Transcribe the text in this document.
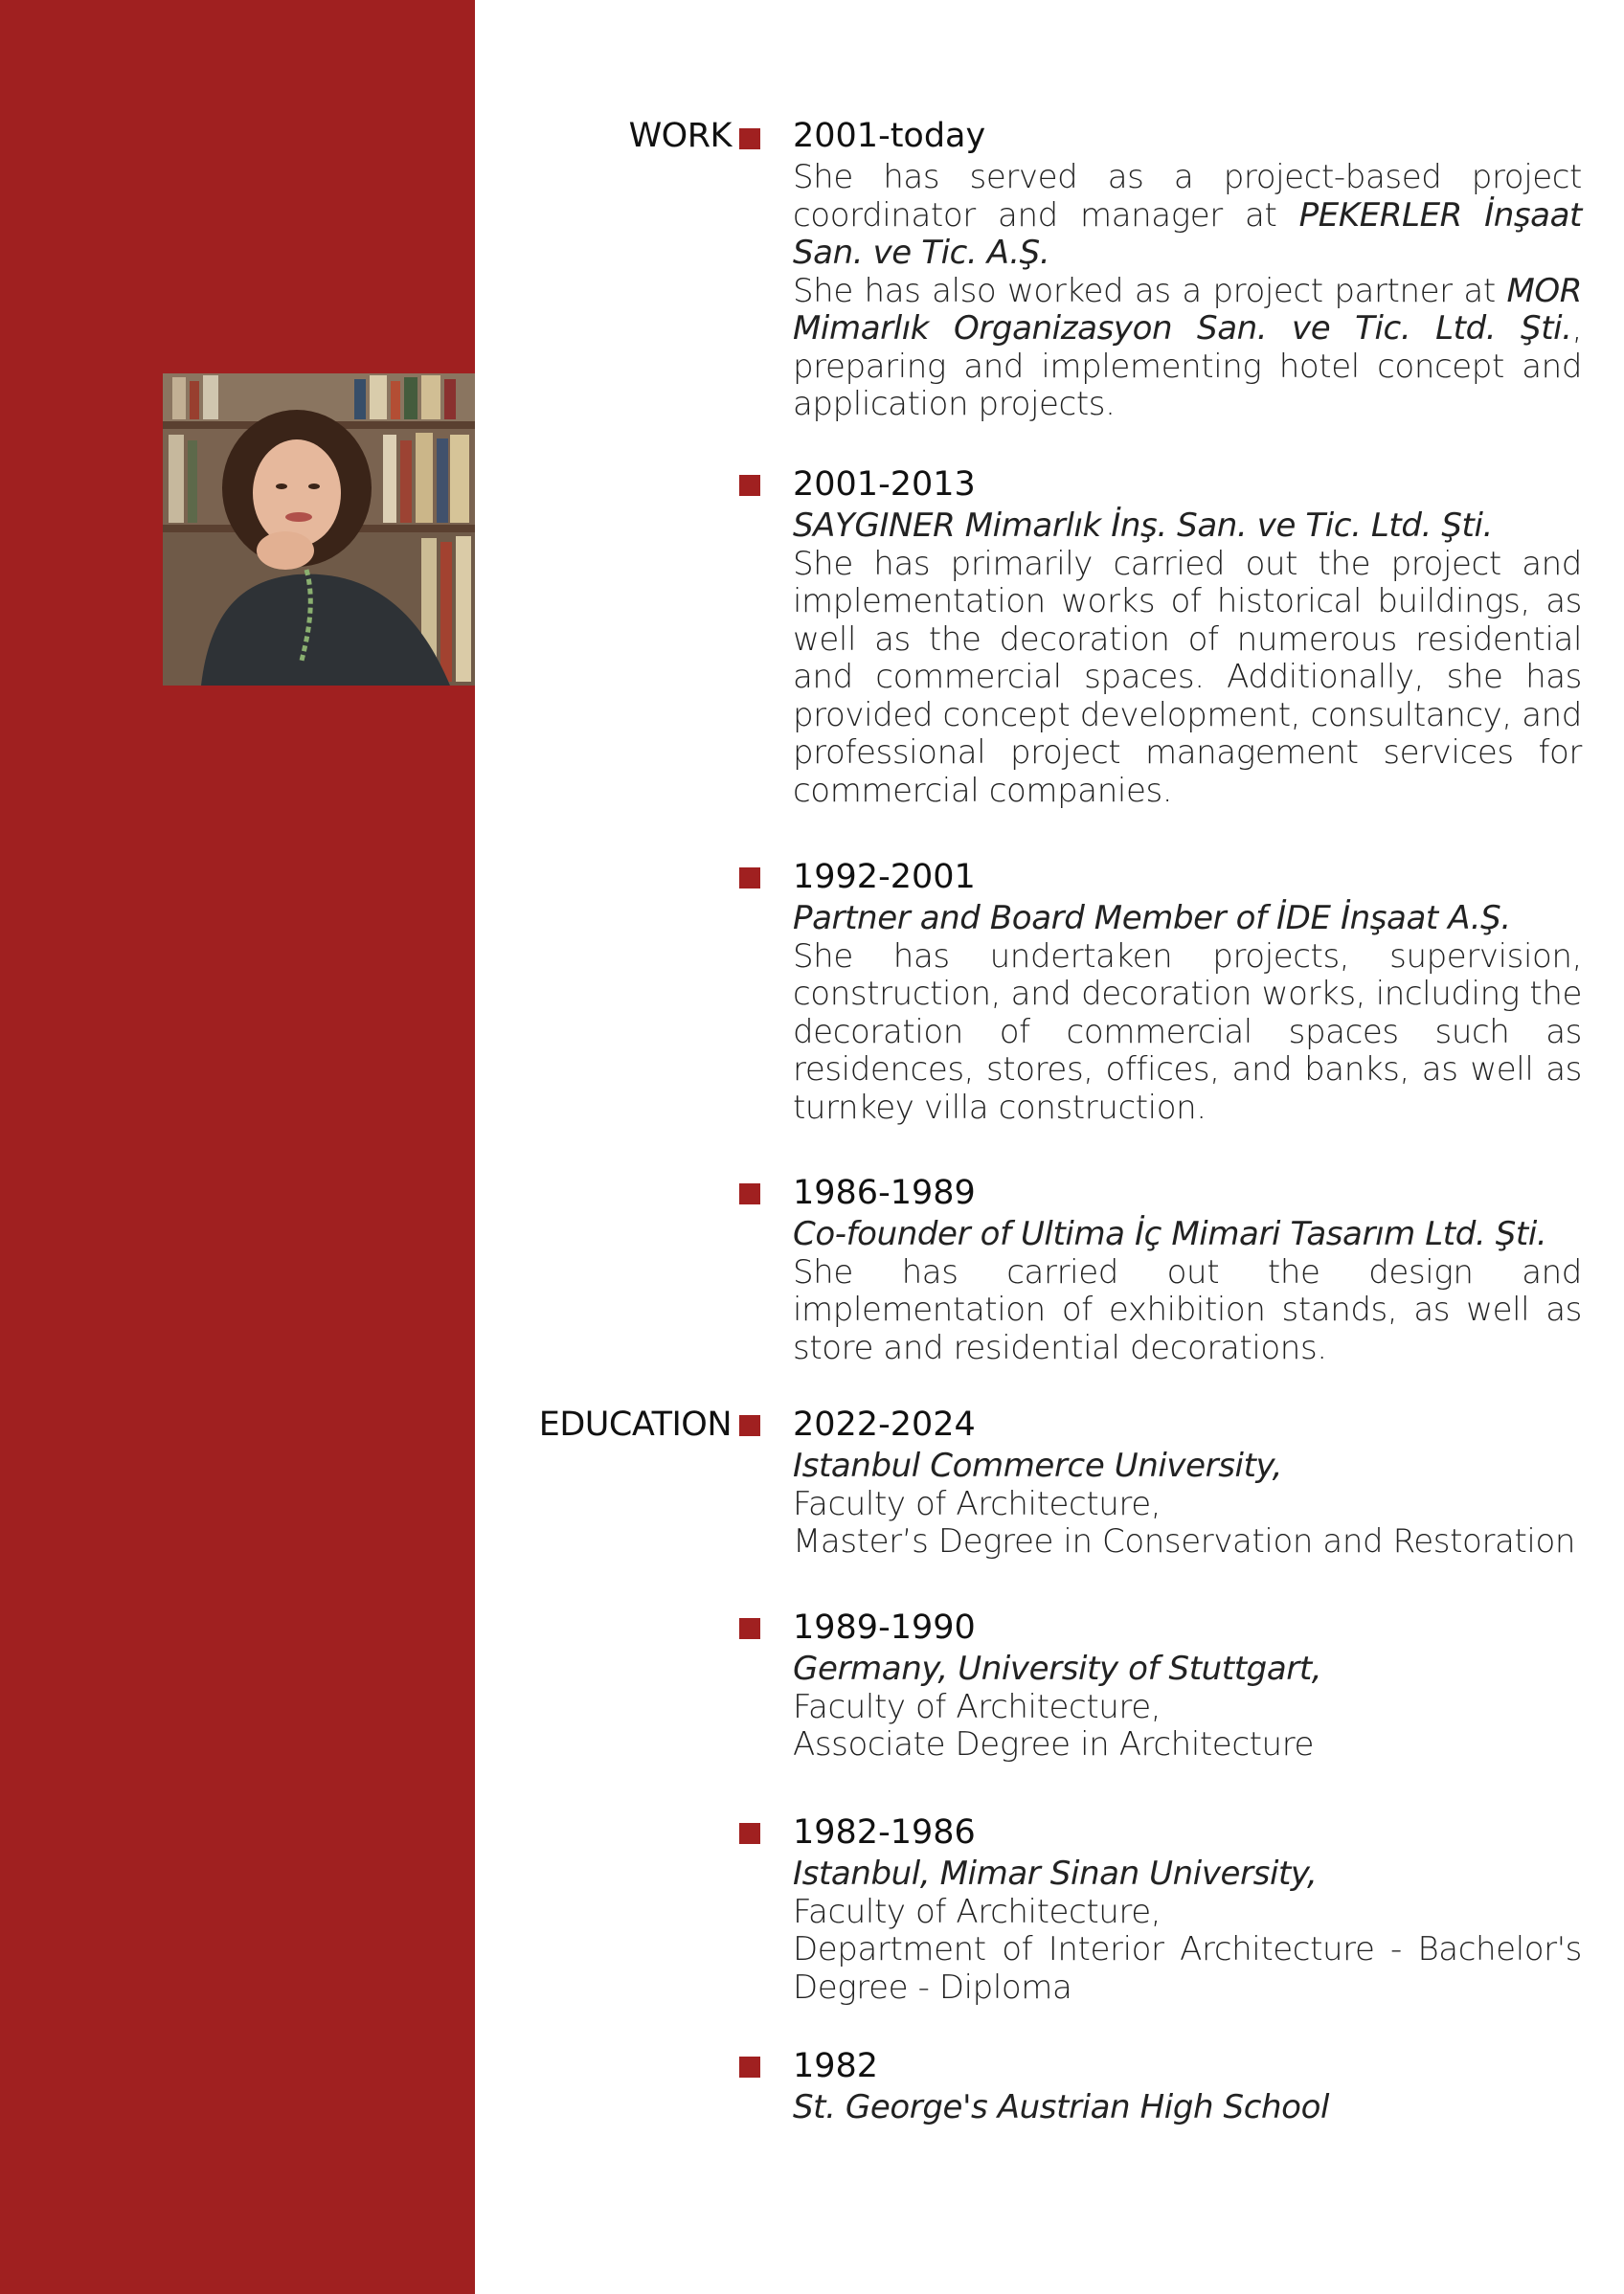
WORK 2001-today
She has served as a project-based project coordinator and manager at PEKERLER İnşaat San. ve Tic. A.Ş.
She has also worked as a project partner at MOR Mimarlık Organizasyon San. ve Tic. Ltd. Şti., preparing and implementing hotel concept and application projects.
2001-2013
SAYGINER Mimarlık İnş. San. ve Tic. Ltd. Şti.
She has primarily carried out the project and implementation works of historical buildings, as well as the decoration of numerous residential and commercial spaces. Additionally, she has provided concept development, consultancy, and professional project management services for commercial companies.
1992-2001
Partner and Board Member of İDE İnşaat A.Ş.
She has undertaken projects, supervision, construction, and decoration works, including the decoration of commercial spaces such as residences, stores, offices, and banks, as well as turnkey villa construction.
1986-1989
Co-founder of Ultima İç Mimari Tasarım Ltd. Şti.
She has carried out the design and implementation of exhibition stands, as well as store and residential decorations.
EDUCATION 2022-2024
Istanbul Commerce University,
Faculty of Architecture,
Master’s Degree in Conservation and Restoration
1989-1990
Germany, University of Stuttgart,
Faculty of Architecture,
Associate Degree in Architecture
1982-1986
Istanbul, Mimar Sinan University,
Faculty of Architecture,
Department of Interior Architecture - Bachelor's Degree - Diploma
1982
St. George's Austrian High School
